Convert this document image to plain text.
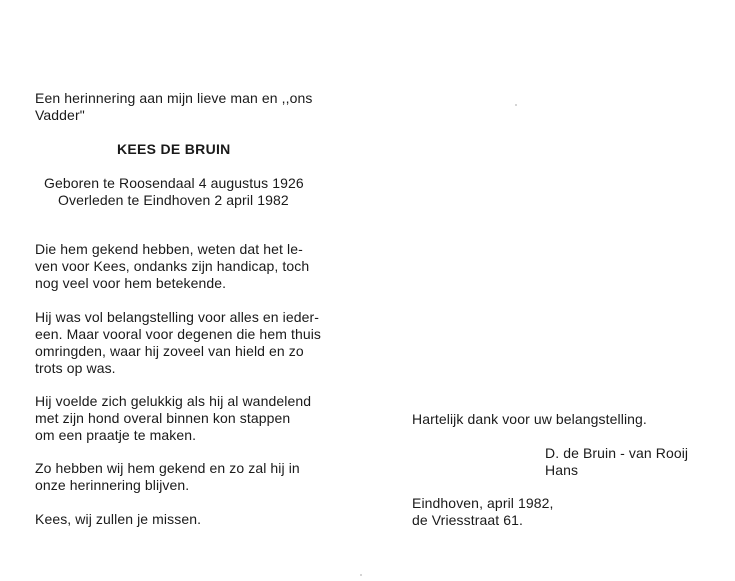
Een herinnering aan mijn lieve man en ,,ons
Vadder"
KEES DE BRUIN
Geboren te Roosendaal 4 augustus 1926
Overleden te Eindhoven 2 april 1982
Die hem gekend hebben, weten dat het le-
ven voor Kees, ondanks zijn handicap, toch
nog veel voor hem betekende.
Hij was vol belangstelling voor alles en ieder-
een. Maar vooral voor degenen die hem thuis
omringden, waar hij zoveel van hield en zo
trots op was.
Hij voelde zich gelukkig als hij al wandelend
met zijn hond overal binnen kon stappen
om een praatje te maken.
Zo hebben wij hem gekend en zo zal hij in
onze herinnering blijven.
Kees, wij zullen je missen.
Hartelijk dank voor uw belangstelling.
D. de Bruin - van Rooij
Hans
Eindhoven, april 1982,
de Vriesstraat 61.
